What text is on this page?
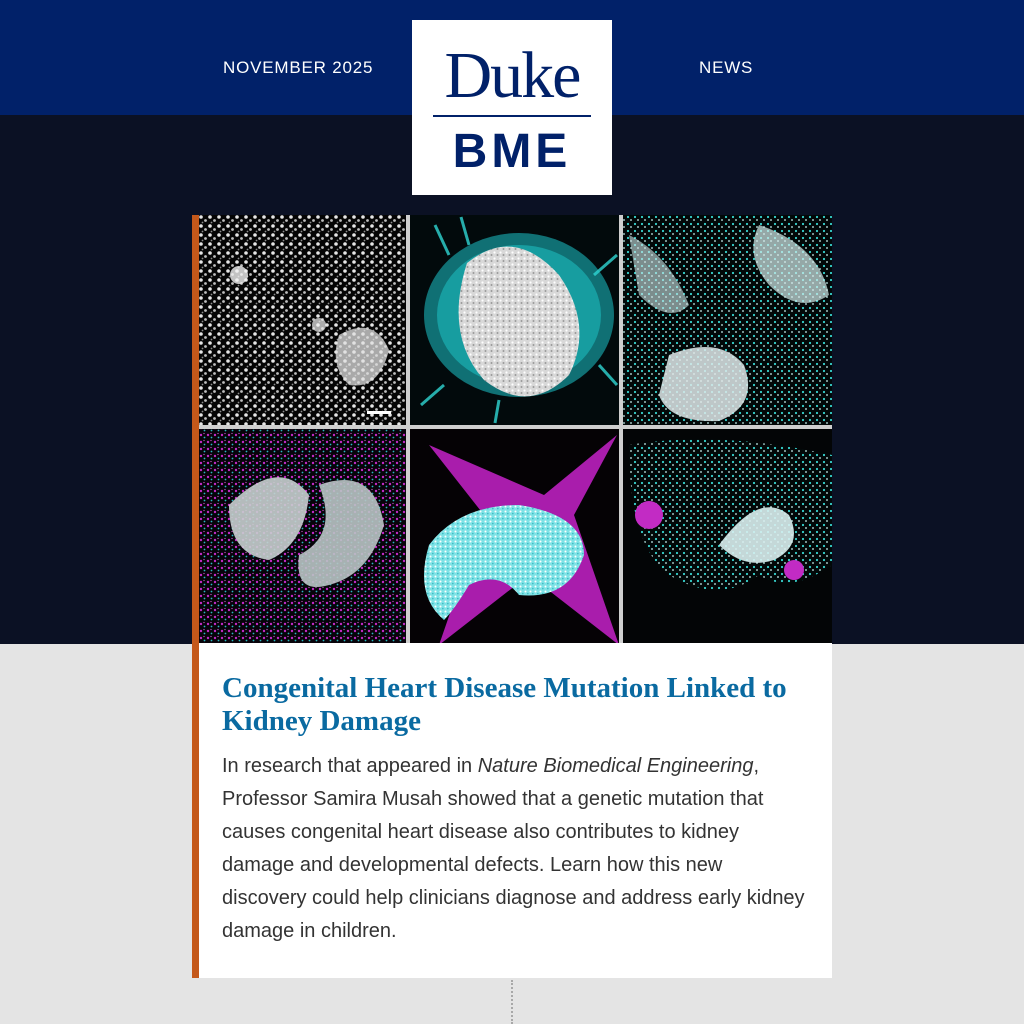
NOVEMBER 2025	NEWS
Duke
BME
Congenital Heart Disease Mutation Linked to Kidney Damage

In research that appeared in Nature Biomedical Engineering, Professor Samira Musah showed that a genetic mutation that causes congenital heart disease also contributes to kidney damage and developmental defects. Learn how this new discovery could help clinicians diagnose and address early kidney damage in children.
